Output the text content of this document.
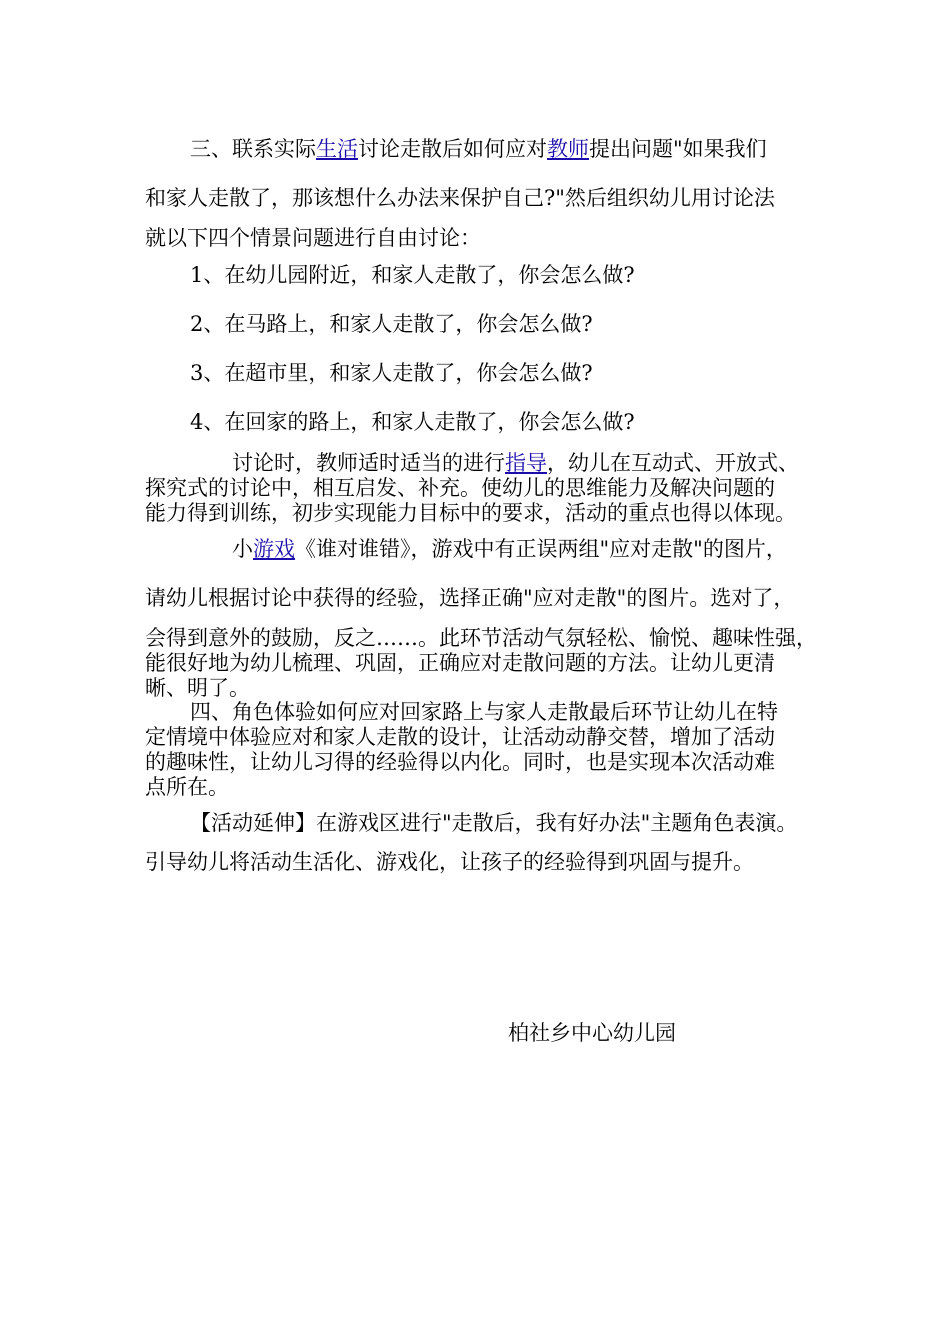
三、联系实际生活讨论走散后如何应对教师提出问题"如果我们
和家人走散了，那该想什么办法来保护自己?"然后组织幼儿用讨论法
就以下四个情景问题进行自由讨论：
1、在幼儿园附近，和家人走散了，你会怎么做?
2、在马路上，和家人走散了，你会怎么做?
3、在超市里，和家人走散了，你会怎么做?
4、在回家的路上，和家人走散了，你会怎么做?
讨论时，教师适时适当的进行指导，幼儿在互动式、开放式、
探究式的讨论中，相互启发、补充。使幼儿的思维能力及解决问题的
能力得到训练，初步实现能力目标中的要求，活动的重点也得以体现。
小游戏《谁对谁错》，游戏中有正误两组"应对走散"的图片，
请幼儿根据讨论中获得的经验，选择正确"应对走散"的图片。选对了，
会得到意外的鼓励，反之……。此环节活动气氛轻松、愉悦、趣味性强，
能很好地为幼儿梳理、巩固，正确应对走散问题的方法。让幼儿更清
晰、明了。
四、角色体验如何应对回家路上与家人走散最后环节让幼儿在特
定情境中体验应对和家人走散的设计，让活动动静交替，增加了活动
的趣味性，让幼儿习得的经验得以内化。同时，也是实现本次活动难
点所在。
【活动延伸】在游戏区进行"走散后，我有好办法"主题角色表演。
引导幼儿将活动生活化、游戏化，让孩子的经验得到巩固与提升。
柏社乡中心幼儿园
